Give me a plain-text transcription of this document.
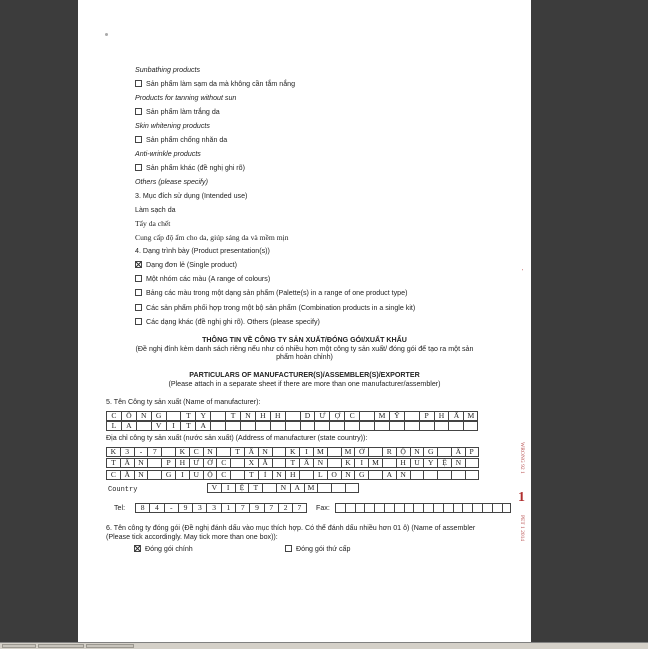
Sunbathing products
Sản phẩm làm sạm da mà không cần tắm nắng
Products for tanning without sun
Sản phẩm làm trắng da
Skin whitening products
Sản phẩm chống nhăn da
Anti-wrinkle products
Sản phẩm khác (đề nghị ghi rõ)
Others (please specify)
3. Mục đích sử dụng (Intended use)
Làm sạch da
Tẩy da chết
Cung cấp độ ẩm cho da, giúp sáng da và mềm mịn
4. Dạng trình bày (Product presentation(s))
Dạng đơn lẻ (Single product)
Một nhóm các màu (A range of colours)
Bảng các màu trong một dạng sản phẩm (Palette(s) in a range of one product type)
Các sản phẩm phối hợp trong một bộ sản phẩm (Combination products in a single kit)
Các dạng khác (đề nghị ghi rõ). Others (please specify)
THÔNG TIN VỀ CÔNG TY SẢN XUẤT/ĐÓNG GÓI/XUẤT KHẨU
(Đề nghị đính kèm danh sách riêng nếu như có nhiều hơn một công ty sản xuất/ đóng gói để tạo ra một sản
phẩm hoàn chỉnh)
PARTICULARS OF MANUFACTURER(S)/ASSEMBLER(S)/EXPORTER
(Please attach in a separate sheet if there are more than one manufacturer/assembler)
5. Tên Công ty sản xuất (Name of manufacturer):
C	Ô	N	G	T	Y	T	N	H	H	D	Ư	Ợ	C	M	Ỹ	P	H	Ẩ	M
L	A	V	I	T	A
Địa chỉ công ty sản xuất (nước sản xuất) (Address of manufacturer (state country)):
K	3	-	7	K	C	N	T	Â	N	K	I	M	M	Ở	R	Ộ	N	G	Ấ	P
T	Â	N	P	H	Ư	Ớ	C	X	Ã	T	Â	N	K	I	M	H	U	Y	Ệ	N
C	Ầ	N	G	I	U	Ộ	C	T	Ỉ	N	H	L	O	N	G	A	N
Country	V	I	Ệ	T	N	A	M
Tel:	8	4	-	9	3	3	1	7	9	7	2	7	Fax:
6. Tên công ty đóng gói (Đề nghị đánh dấu vào mục thích hợp. Có thể đánh dấu nhiều hơn 01 ô) (Name of assembler
(Please tick accordingly. May tick more than one box)):
Đóng gói chính	Đóng gói thứ cấp
'
WRONG 92 1
1
PET 1 2014
